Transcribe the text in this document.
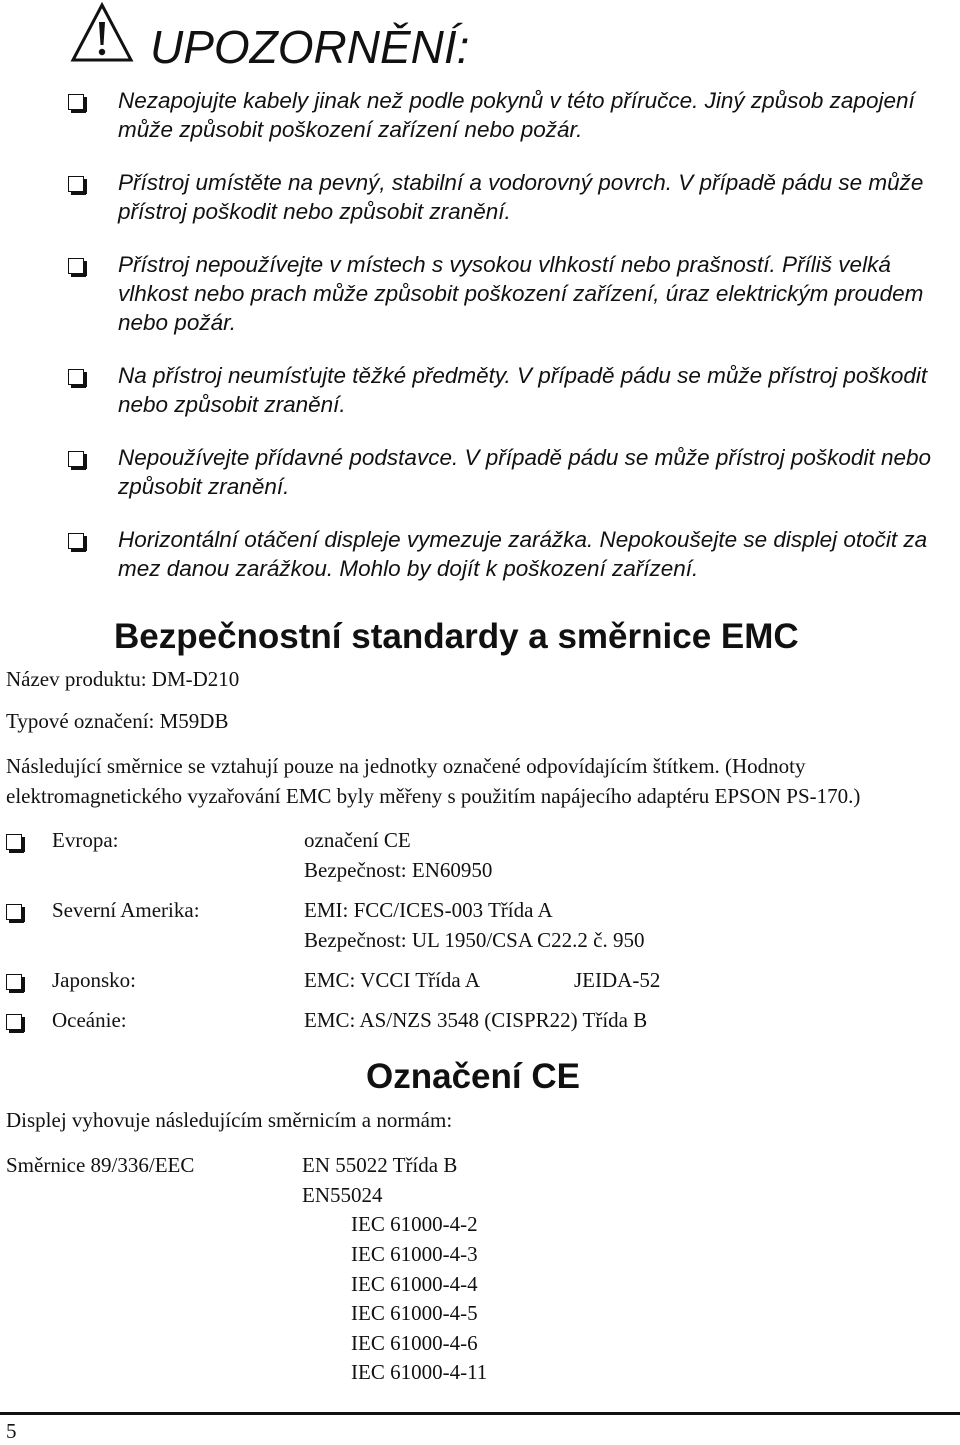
UPOZORNĚNÍ:
Nezapojujte kabely jinak než podle pokynů v této příručce. Jiný způsob zapojení může způsobit poškození zařízení nebo požár.
Přístroj umístěte na pevný, stabilní a vodorovný povrch. V případě pádu se může přístroj poškodit nebo způsobit zranění.
Přístroj nepoužívejte v místech s vysokou vlhkostí nebo prašností. Příliš velká vlhkost nebo prach může způsobit poškození zařízení, úraz elektrickým proudem nebo požár.
Na přístroj neumísťujte těžké předměty. V případě pádu se může přístroj poškodit nebo způsobit zranění.
Nepoužívejte přídavné podstavce. V případě pádu se může přístroj poškodit nebo způsobit zranění.
Horizontální otáčení displeje vymezuje zarážka. Nepokoušejte se displej otočit za mez danou zarážkou. Mohlo by dojít k poškození zařízení.
Bezpečnostní standardy a směrnice EMC
Název produktu: DM-D210
Typové označení: M59DB
Následující směrnice se vztahují pouze na jednotky označené odpovídajícím štítkem. (Hodnoty elektromagnetického vyzařování EMC byly měřeny s použitím napájecího adaptéru EPSON PS-170.)
Evropa:	označení CE
Bezpečnost: EN60950
Severní Amerika:	EMI: FCC/ICES-003 Třída A
Bezpečnost: UL 1950/CSA C22.2 č. 950
Japonsko:	EMC: VCCI Třída A	JEIDA-52
Oceánie:	EMC: AS/NZS 3548 (CISPR22) Třída B
Označení CE
Displej vyhovuje následujícím směrnicím a normám:
Směrnice 89/336/EEC	EN 55022 Třída B
EN55024
IEC 61000-4-2
IEC 61000-4-3
IEC 61000-4-4
IEC 61000-4-5
IEC 61000-4-6
IEC 61000-4-11
5
